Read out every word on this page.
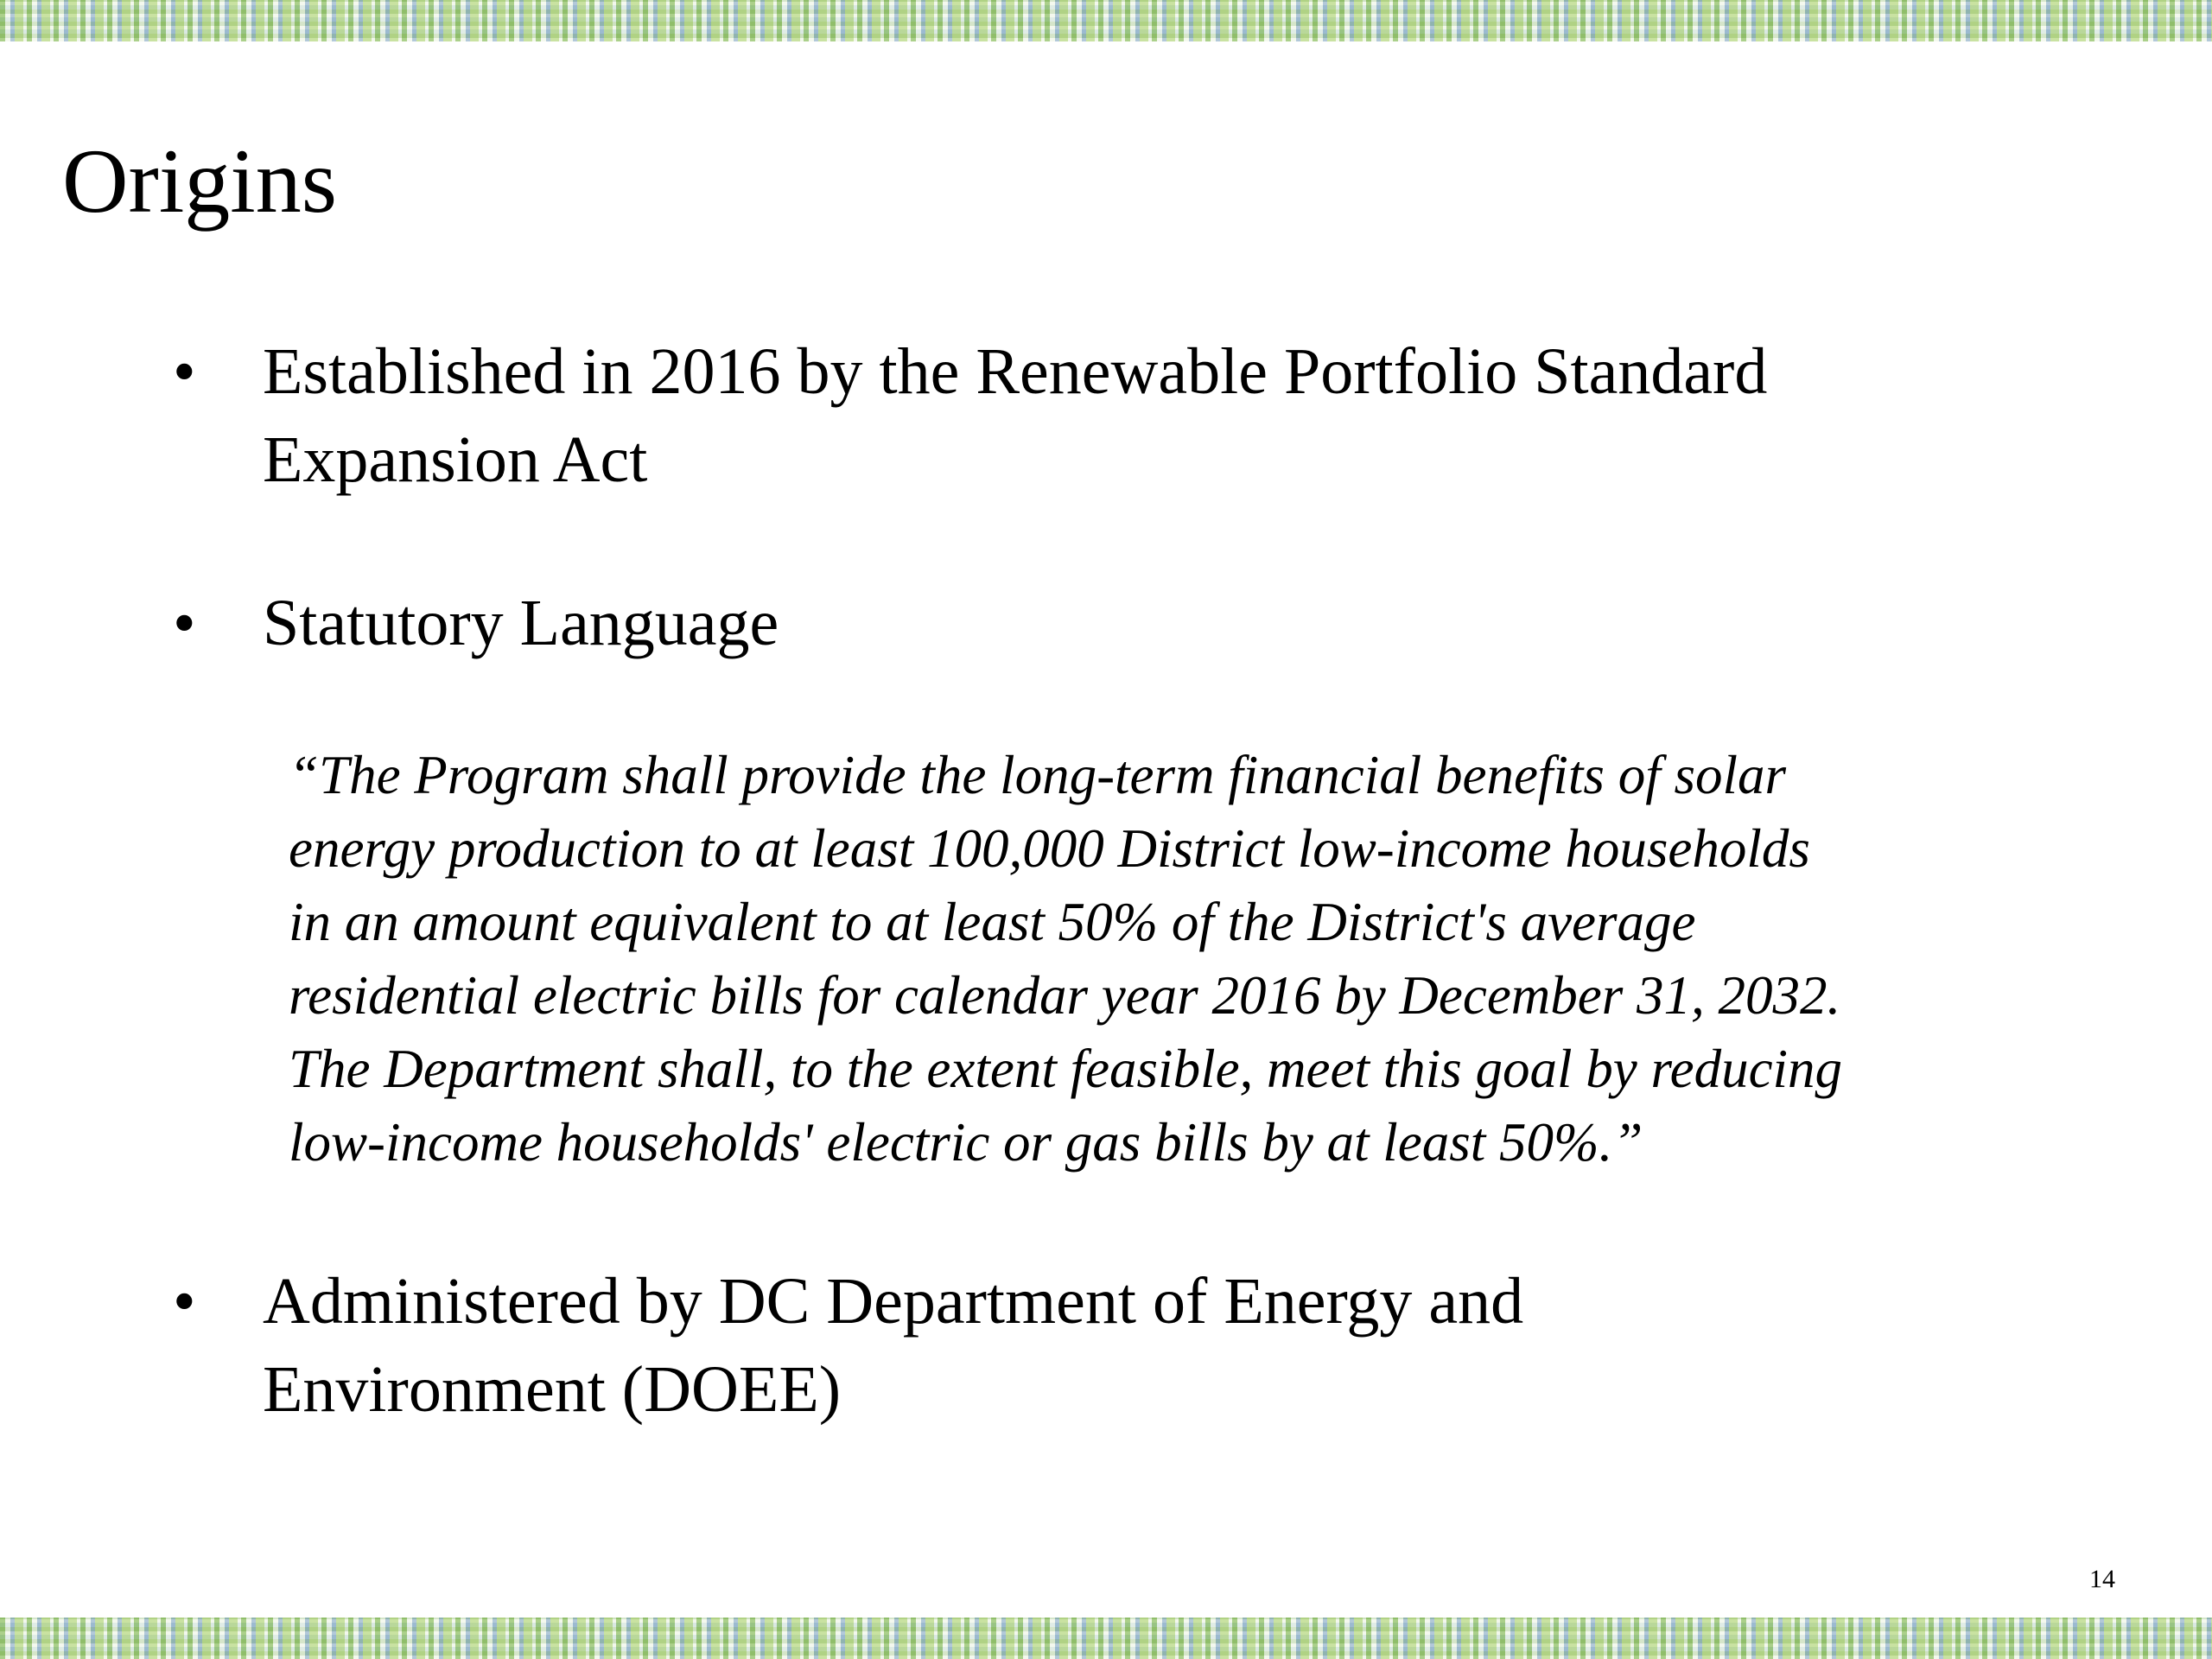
Origins
• Established in 2016 by the Renewable Portfolio Standard
Expansion Act
• Statutory Language
“The Program shall provide the long-term financial benefits of solar
energy production to at least 100,000 District low-income households
in an amount equivalent to at least 50% of the District's average
residential electric bills for calendar year 2016 by December 31, 2032.
The Department shall, to the extent feasible, meet this goal by reducing
low-income households' electric or gas bills by at least 50%.”
• Administered by DC Department of Energy and
Environment (DOEE)
14
